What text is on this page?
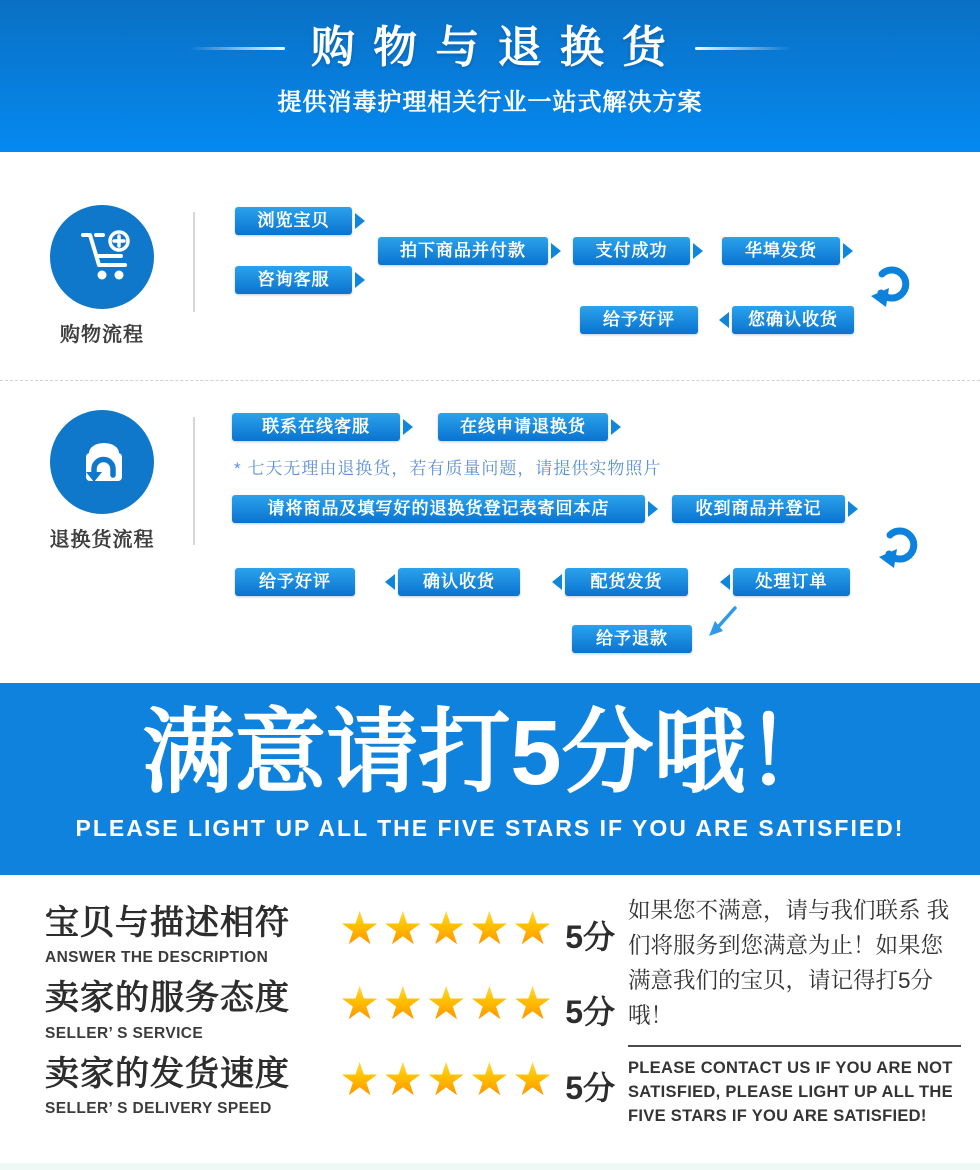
购 物 与 退 换 货
提供消毒护理相关行业一站式解决方案
购物流程
浏览宝贝
拍下商品并付款	支付成功	华埠发货
咨询客服
给予好评	您确认收货
退换货流程
联系在线客服	在线申请退换货
* 七天无理由退换货，若有质量问题，请提供实物照片
请将商品及填写好的退换货登记表寄回本店	收到商品并登记
给予好评	确认收货	配货发货	处理订单
给予退款
满意请打5分哦！
PLEASE LIGHT UP ALL THE FIVE STARS IF YOU ARE SATISFIED!
宝贝与描述相符
ANSWER THE DESCRIPTION
★★★★★ 5分
卖家的服务态度
SELLER’ S SERVICE
★★★★★ 5分
卖家的发货速度
SELLER’ S DELIVERY SPEED
★★★★★ 5分
如果您不满意，请与我们联系 我们将服务到您满意为止！如果您满意我们的宝贝，请记得打5分哦！
PLEASE CONTACT US IF YOU ARE NOT SATISFIED, PLEASE LIGHT UP ALL THE FIVE STARS IF YOU ARE SATISFIED!
